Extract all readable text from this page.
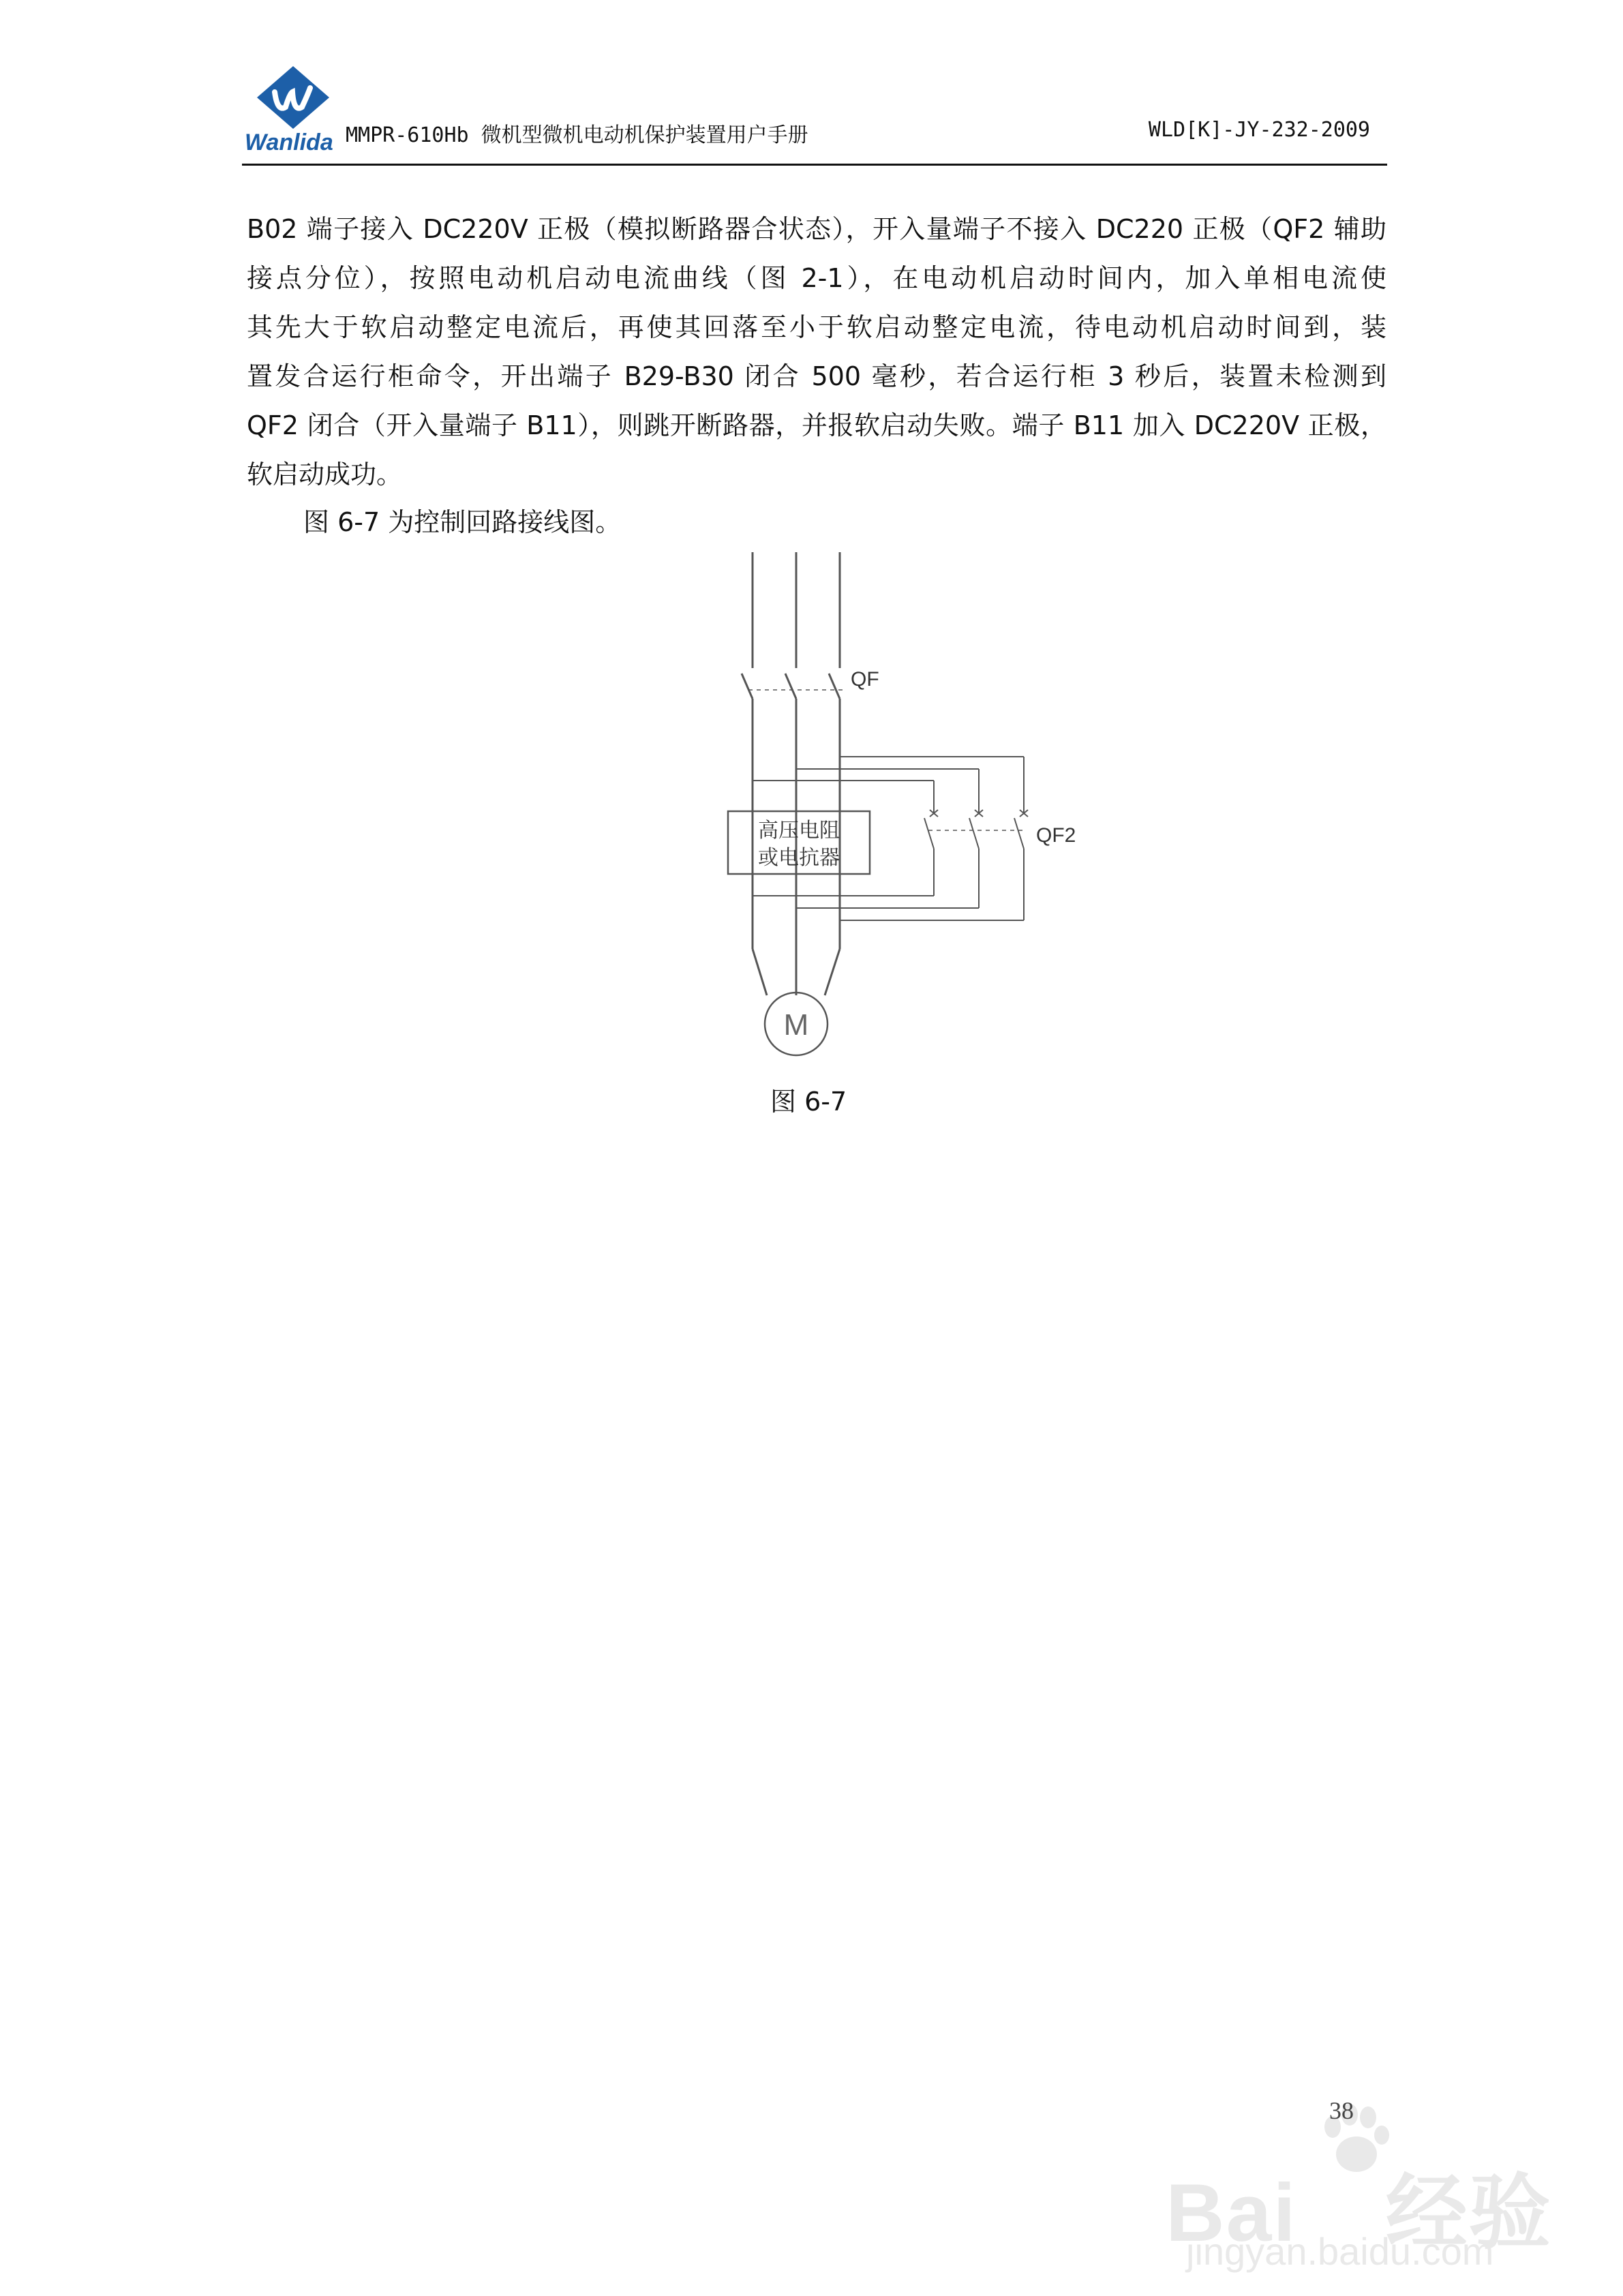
Wanlida MMPR-610Hb 微机型微机电动机保护装置用户手册	WLD[K]-JY-232-2009
B02 端子接入 DC220V 正极（模拟断路器合状态），开入量端子不接入 DC220 正极（QF2 辅助
接点分位），按照电动机启动电流曲线（图 2-1），在电动机启动时间内，加入单相电流使
其先大于软启动整定电流后，再使其回落至小于软启动整定电流，待电动机启动时间到，装
置发合运行柜命令，开出端子 B29-B30 闭合 500 毫秒，若合运行柜 3 秒后，装置未检测到
QF2 闭合（开入量端子 B11），则跳开断路器，并报软启动失败。端子 B11 加入 DC220V 正极，
软启动成功。
图 6-7 为控制回路接线图。
QF
QF2
高压电阻
或电抗器
M
图 6-7
Bai 经验
jingyan.baidu.com
38
